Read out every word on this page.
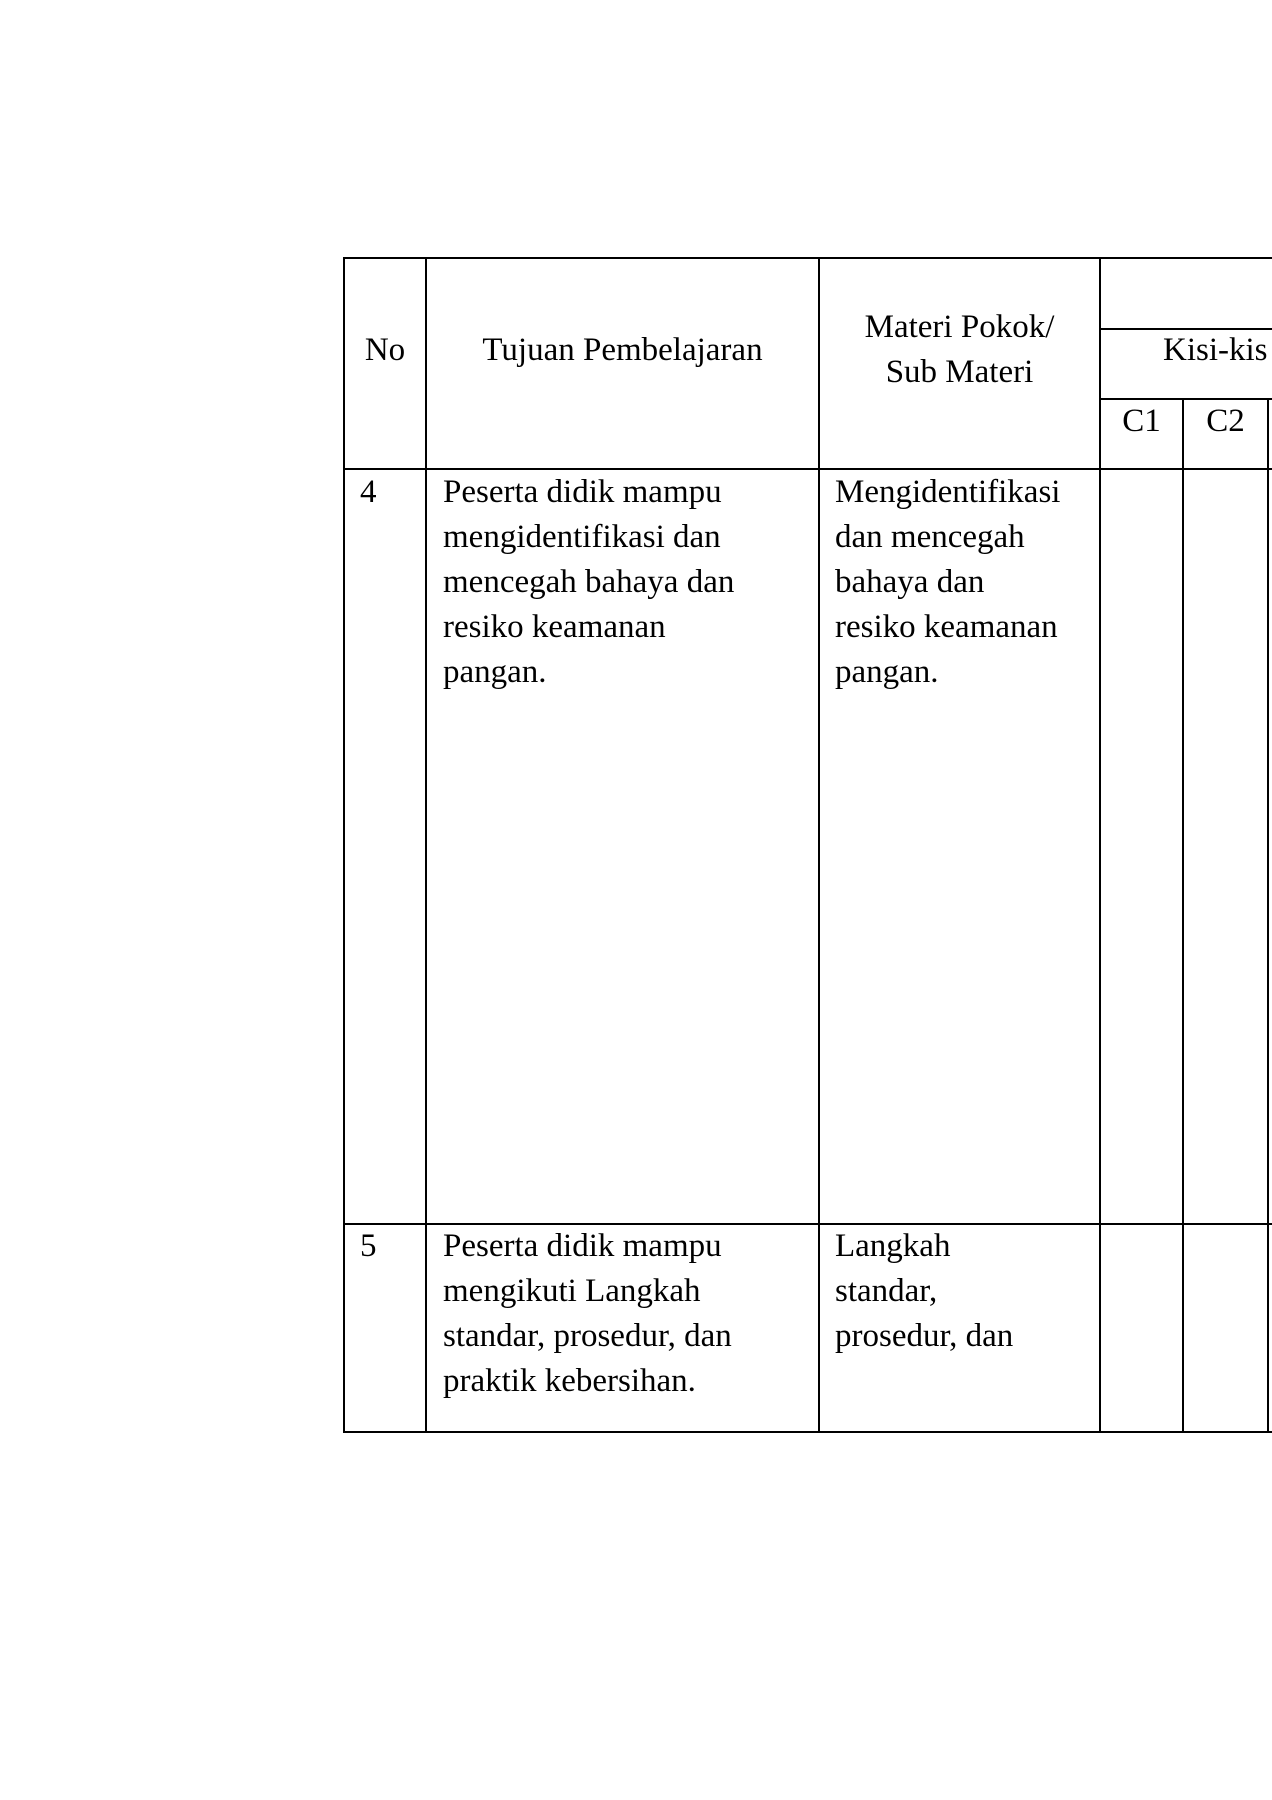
No	Tujuan Pembelajaran
Materi Pokok/
Sub Materi
Kisi-kis
C1	C2
4 Peserta didik mampu
mengidentifikasi dan
mencegah bahaya dan
resiko keamanan
pangan.
Mengidentifikasi
dan mencegah
bahaya dan
resiko keamanan
pangan.
5 Peserta didik mampu
mengikuti Langkah
standar, prosedur, dan
praktik kebersihan.
Langkah
standar,
prosedur, dan
